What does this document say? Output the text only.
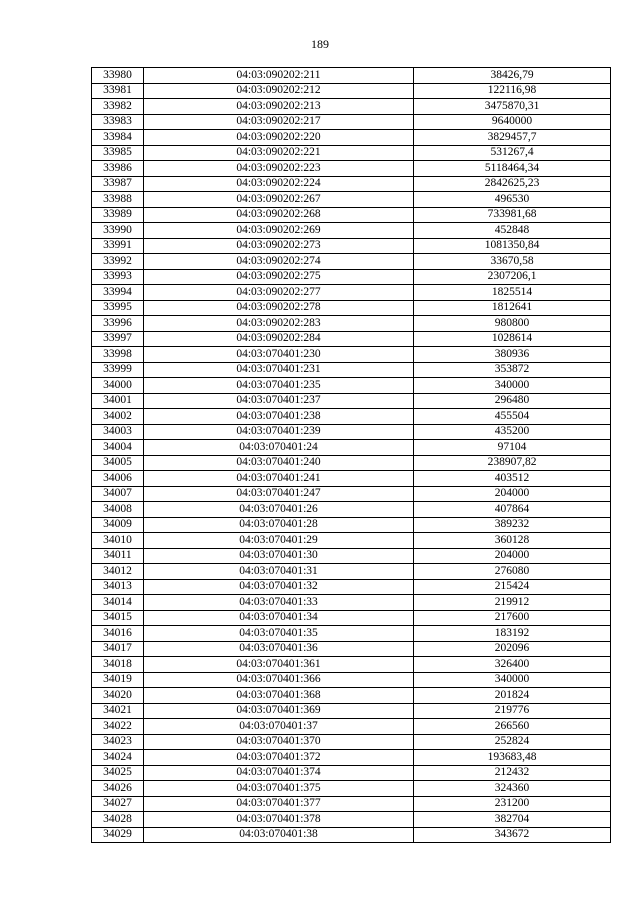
189
33980	04:03:090202:211	38426,79
33981	04:03:090202:212	122116,98
33982	04:03:090202:213	3475870,31
33983	04:03:090202:217	9640000
33984	04:03:090202:220	3829457,7
33985	04:03:090202:221	531267,4
33986	04:03:090202:223	5118464,34
33987	04:03:090202:224	2842625,23
33988	04:03:090202:267	496530
33989	04:03:090202:268	733981,68
33990	04:03:090202:269	452848
33991	04:03:090202:273	1081350,84
33992	04:03:090202:274	33670,58
33993	04:03:090202:275	2307206,1
33994	04:03:090202:277	1825514
33995	04:03:090202:278	1812641
33996	04:03:090202:283	980800
33997	04:03:090202:284	1028614
33998	04:03:070401:230	380936
33999	04:03:070401:231	353872
34000	04:03:070401:235	340000
34001	04:03:070401:237	296480
34002	04:03:070401:238	455504
34003	04:03:070401:239	435200
34004	04:03:070401:24	97104
34005	04:03:070401:240	238907,82
34006	04:03:070401:241	403512
34007	04:03:070401:247	204000
34008	04:03:070401:26	407864
34009	04:03:070401:28	389232
34010	04:03:070401:29	360128
34011	04:03:070401:30	204000
34012	04:03:070401:31	276080
34013	04:03:070401:32	215424
34014	04:03:070401:33	219912
34015	04:03:070401:34	217600
34016	04:03:070401:35	183192
34017	04:03:070401:36	202096
34018	04:03:070401:361	326400
34019	04:03:070401:366	340000
34020	04:03:070401:368	201824
34021	04:03:070401:369	219776
34022	04:03:070401:37	266560
34023	04:03:070401:370	252824
34024	04:03:070401:372	193683,48
34025	04:03:070401:374	212432
34026	04:03:070401:375	324360
34027	04:03:070401:377	231200
34028	04:03:070401:378	382704
34029	04:03:070401:38	343672
